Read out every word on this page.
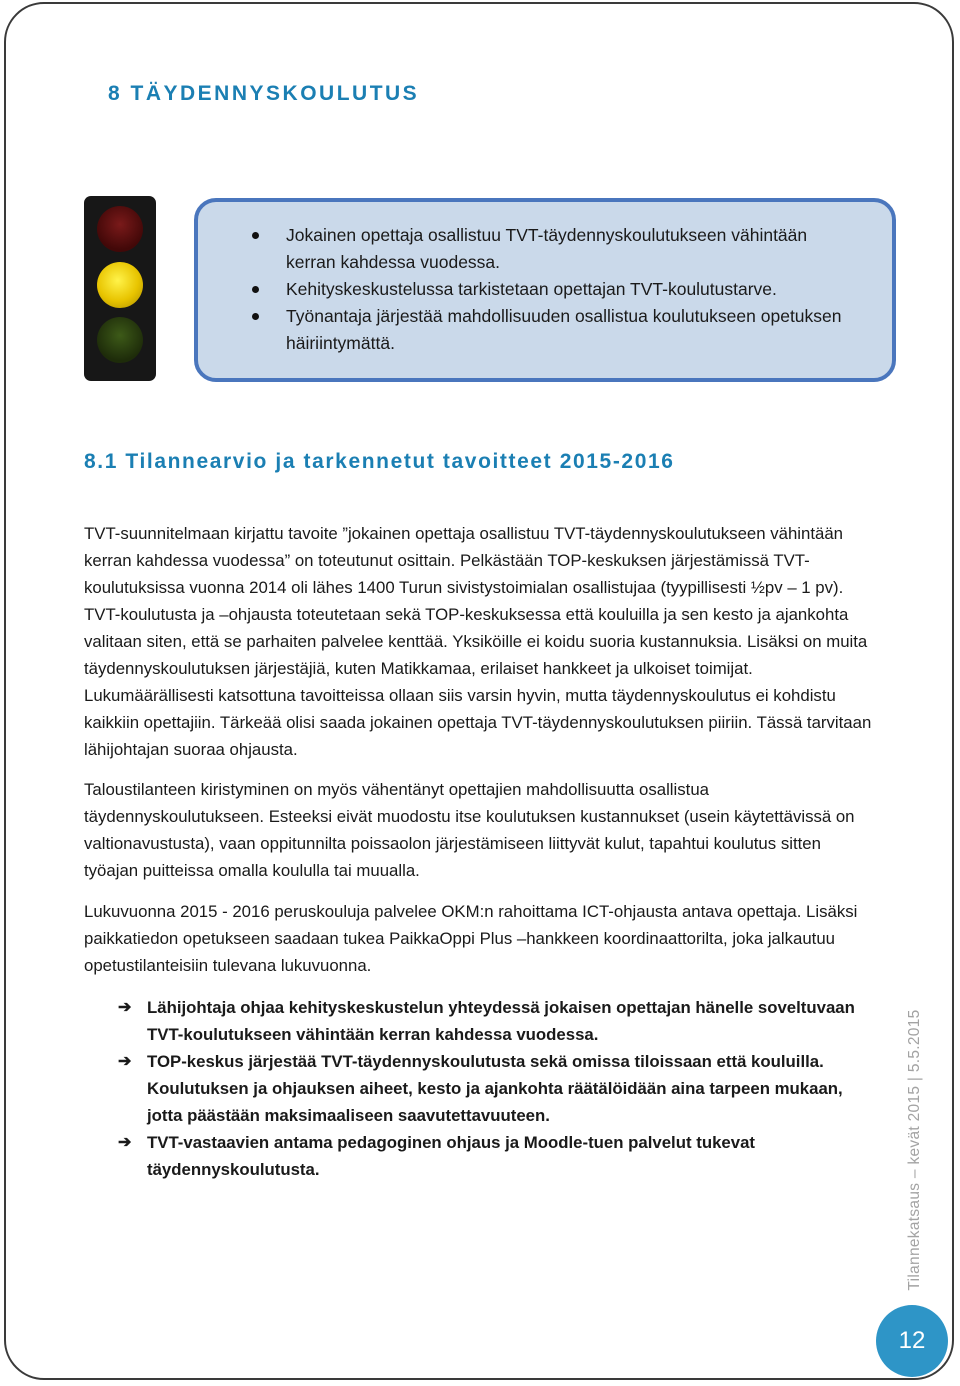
8 TÄYDENNYSKOULUTUS
Jokainen opettaja osallistuu TVT-täydennyskoulutukseen vähintään kerran kahdessa vuodessa.
Kehityskeskustelussa tarkistetaan opettajan TVT-koulutustarve.
Työnantaja järjestää mahdollisuuden osallistua koulutukseen opetuksen häiriintymättä.
8.1 Tilannearvio ja tarkennetut tavoitteet 2015-2016

TVT-suunnitelmaan kirjattu tavoite ”jokainen opettaja osallistuu TVT-täydennyskoulutukseen vähintään kerran kahdessa vuodessa” on toteutunut osittain. Pelkästään TOP-keskuksen järjestämissä TVT-koulutuksissa vuonna 2014 oli lähes 1400 Turun sivistystoimialan osallistujaa (tyypillisesti ½pv – 1 pv). TVT-koulutusta ja –ohjausta toteutetaan sekä TOP-keskuksessa että kouluilla ja sen kesto ja ajankohta valitaan siten, että se parhaiten palvelee kenttää. Yksiköille ei koidu suoria kustannuksia. Lisäksi on muita täydennyskoulutuksen järjestäjiä, kuten Matikkamaa, erilaiset hankkeet ja ulkoiset toimijat. Lukumäärällisesti katsottuna tavoitteissa ollaan siis varsin hyvin, mutta täydennyskoulutus ei kohdistu kaikkiin opettajiin. Tärkeää olisi saada jokainen opettaja TVT-täydennyskoulutuksen piiriin. Tässä tarvitaan lähijohtajan suoraa ohjausta.

Taloustilanteen kiristyminen on myös vähentänyt opettajien mahdollisuutta osallistua täydennyskoulutukseen. Esteeksi eivät muodostu itse koulutuksen kustannukset (usein käytettävissä on valtionavustusta), vaan oppitunnilta poissaolon järjestämiseen liittyvät kulut, tapahtui koulutus sitten työajan puitteissa omalla koululla tai muualla.

Lukuvuonna 2015 - 2016 peruskouluja palvelee OKM:n rahoittama ICT-ohjausta antava opettaja. Lisäksi paikkatiedon opetukseen saadaan tukea PaikkaOppi Plus –hankkeen koordinaattorilta, joka jalkautuu opetustilanteisiin tulevana lukuvuonna.

➔ Lähijohtaja ohjaa kehityskeskustelun yhteydessä jokaisen opettajan hänelle soveltuvaan TVT-koulutukseen vähintään kerran kahdessa vuodessa.
➔ TOP-keskus järjestää TVT-täydennyskoulutusta sekä omissa tiloissaan että kouluilla. Koulutuksen ja ohjauksen aiheet, kesto ja ajankohta räätälöidään aina tarpeen mukaan, jotta päästään maksimaaliseen saavutettavuuteen.
➔ TVT-vastaavien antama pedagoginen ohjaus ja Moodle-tuen palvelut tukevat täydennyskoulutusta.	Tilannekatsaus – kevät 2015 | 5.5.2015
12
